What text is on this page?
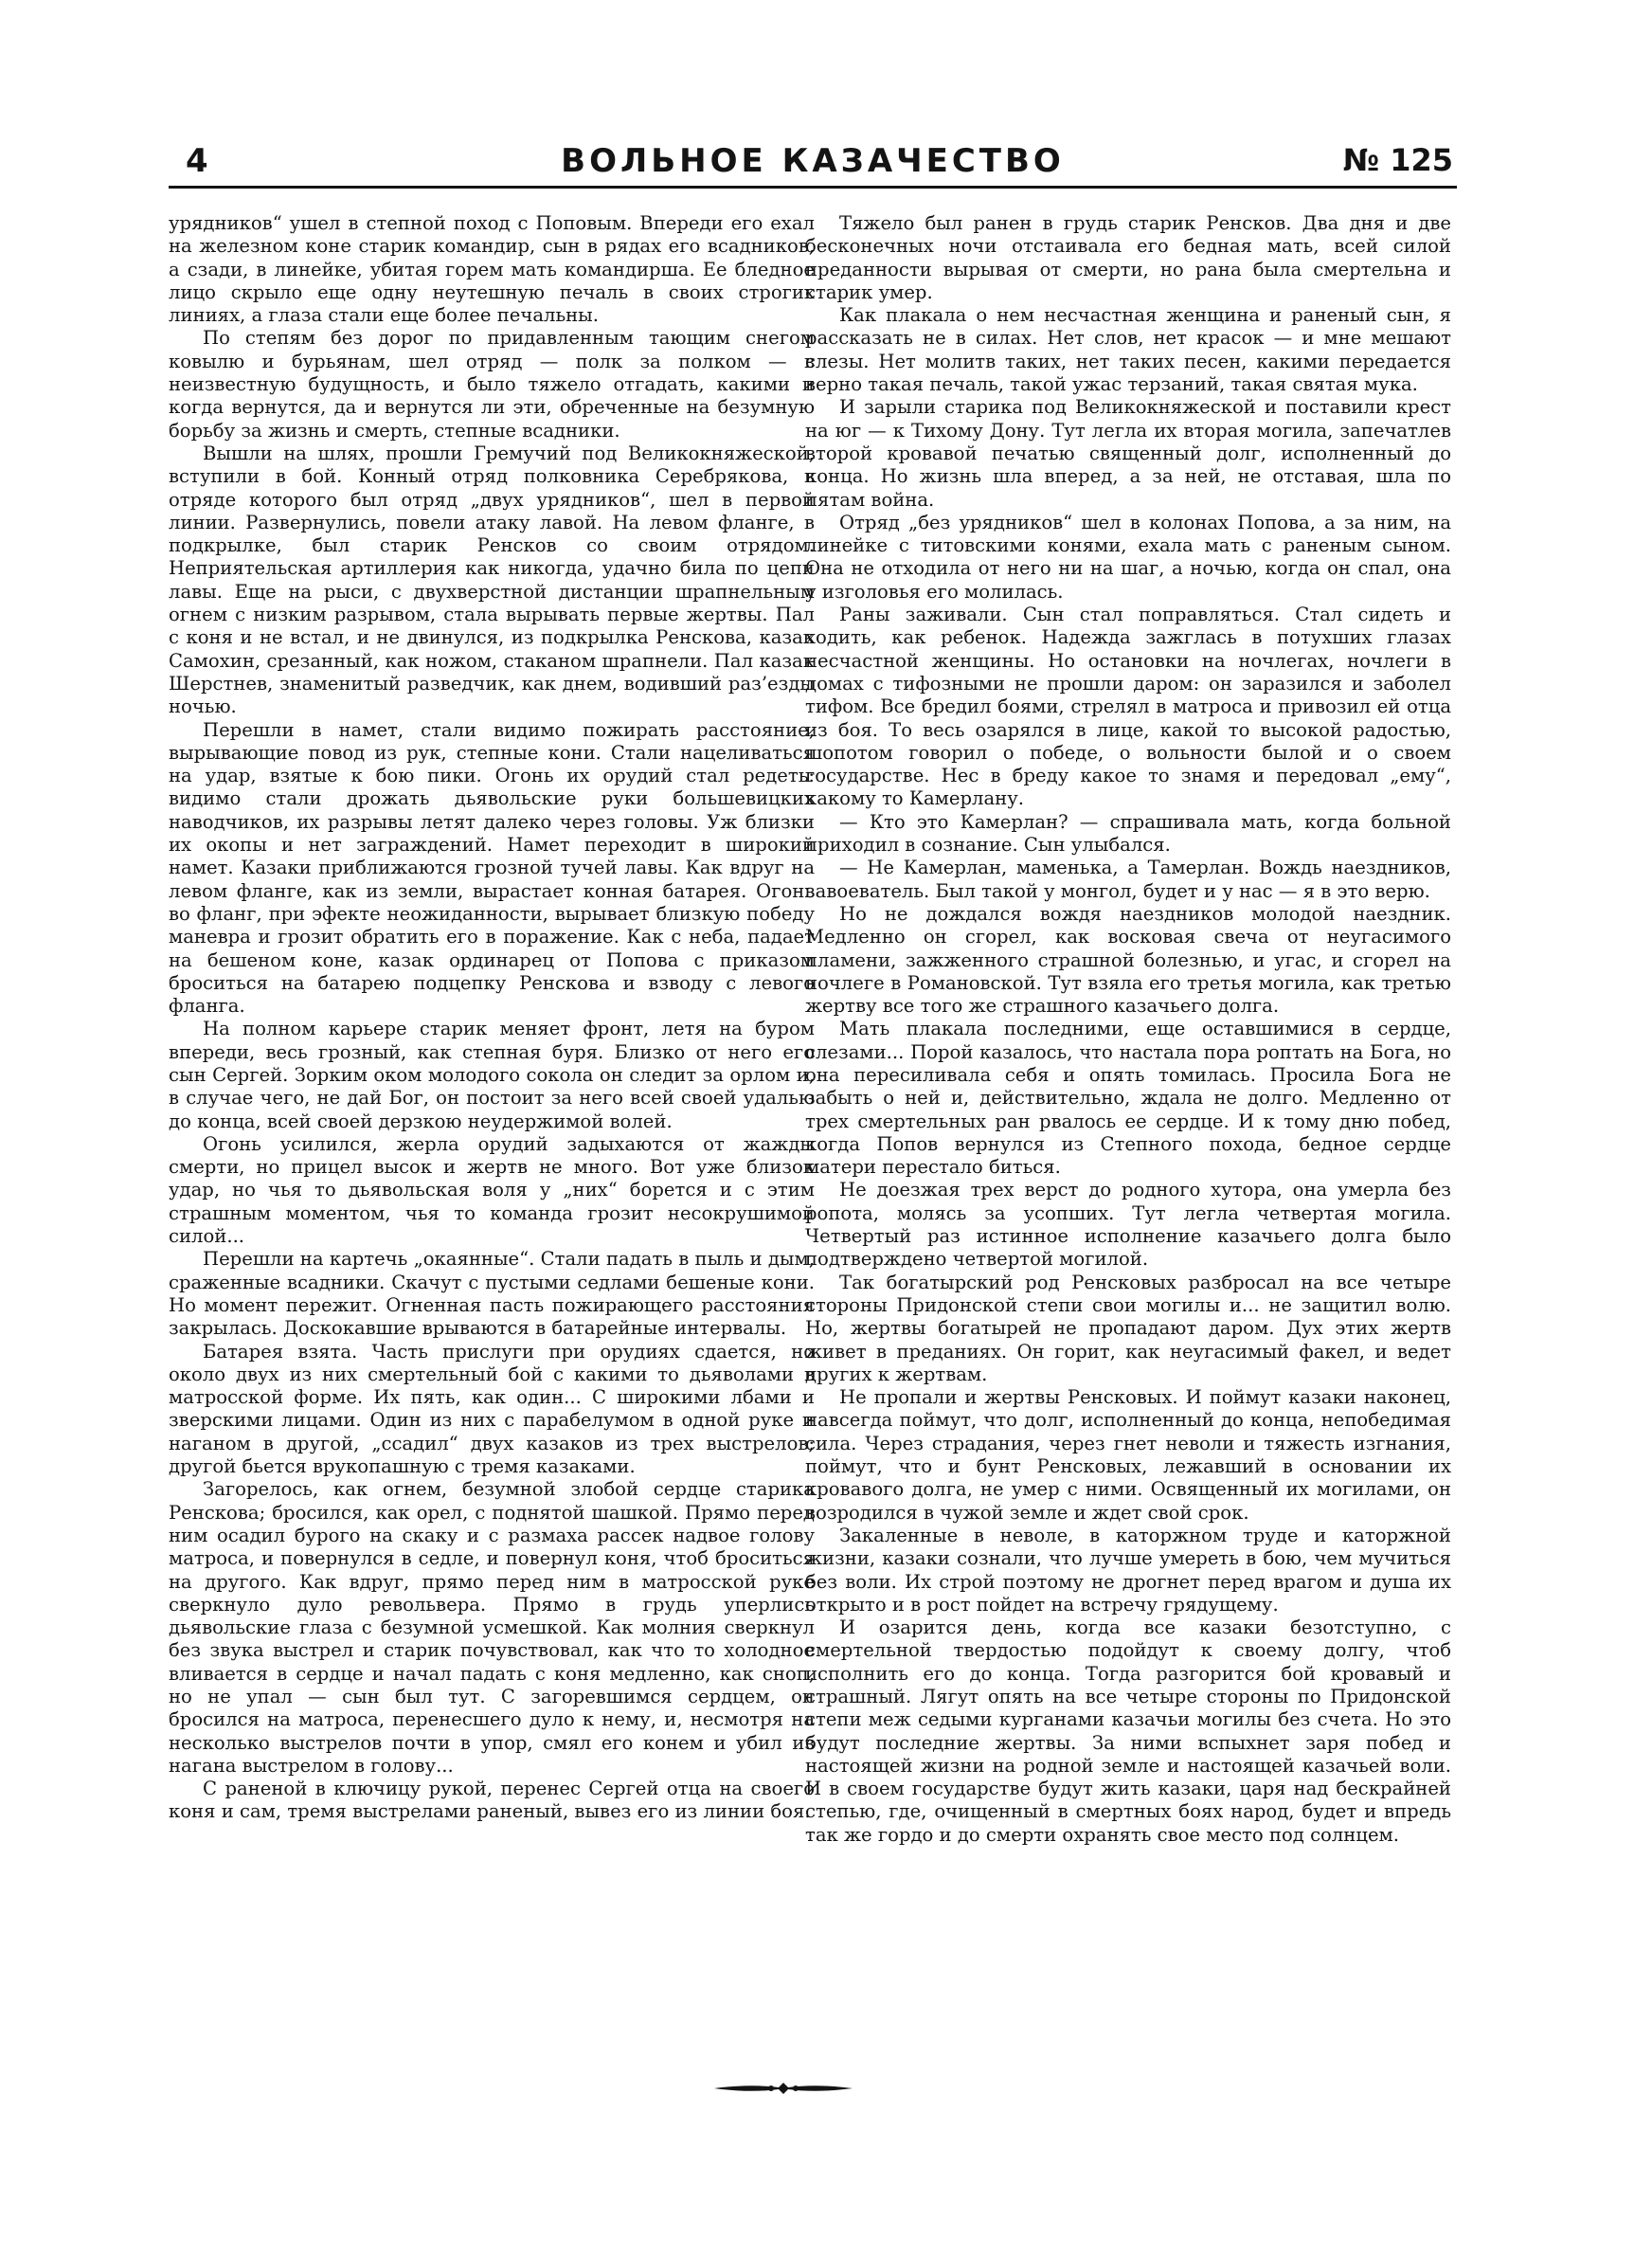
4	ВОЛЬНОЕ КАЗАЧЕСТВО	№ 125

урядников“ ушел в степной поход с Поповым. Впереди его ехал на железном коне старик командир, сын в рядах его всадников, а сзади, в линейке, убитая горем мать командирша. Ее бледное лицо скрыло еще одну неутешную печаль в своих строгих линиях, а глаза стали еще более печальны.

По степям без дорог по придавленным тающим снегом ковылю и бурьянам, шел отряд — полк за полком — в неизвестную будущность, и было тяжело отгадать, какими и когда вернутся, да и вернутся ли эти, обреченные на безумную борьбу за жизнь и смерть, степные всадники.

Вышли на шлях, прошли Гремучий под Великокняжеской, вступили в бой. Конный отряд полковника Серебрякова, в отряде которого был отряд „двух урядников“, шел в первой линии. Развернулись, повели атаку лавой. На левом фланге, в подкрылке, был старик Ренсков со своим отрядом. Неприятельская артиллерия как никогда, удачно била по цепи лавы. Еще на рыси, с двухверстной дистанции шрапнельным огнем с низким разрывом, стала вырывать первые жертвы. Пал с коня и не встал, и не двинулся, из подкрылка Ренскова, казак Самохин, срезанный, как ножом, стаканом шрапнели. Пал казак Шерстнев, знаменитый разведчик, как днем, водивший раз’езды ночью.

Перешли в намет, стали видимо пожирать расстояние, вырывающие повод из рук, степные кони. Стали нацеливаться на удар, взятые к бою пики. Огонь их орудий стал редеть: видимо стали дрожать дьявольские руки большевицких наводчиков, их разрывы летят далеко через головы. Уж близки их окопы и нет заграждений. Намет переходит в широкий намет. Казаки приближаются грозной тучей лавы. Как вдруг на левом фланге, как из земли, вырастает конная батарея. Огонь во фланг, при эфекте неожиданности, вырывает близкую победу маневра и грозит обратить его в поражение. Как с неба, падает на бешеном коне, казак ординарец от Попова с приказом броситься на батарею подцепку Ренскова и взводу с левого фланга.

На полном карьере старик меняет фронт, летя на буром впереди, весь грозный, как степная буря. Близко от него его сын Сергей. Зорким оком молодого сокола он следит за орлом и, в случае чего, не дай Бог, он постоит за него всей своей удалью до конца, всей своей дерзкою неудержимой волей.

Огонь усилился, жерла орудий задыхаются от жажды смерти, но прицел высок и жертв не много. Вот уже близок удар, но чья то дьявольская воля у „них“ борется и с этим страшным моментом, чья то команда грозит несокрушимой силой...

Перешли на картечь „окаянные“. Стали падать в пыль и дым, сраженные всадники. Скачут с пустыми седлами бешеные кони. Но момент пережит. Огненная пасть пожирающего расстояния закрылась. Доскокавшие врываются в батарейные интервалы.

Батарея взята. Часть прислуги при орудиях сдается, но около двух из них смертельный бой с какими то дьяволами в матросской форме. Их пять, как один... С широкими лбами и зверскими лицами. Один из них с парабелумом в одной руке и наганом в другой, „ссадил“ двух казаков из трех выстрелов; другой бьется врукопашную с тремя казаками.

Загорелось, как огнем, безумной злобой сердце старика Ренскова; бросился, как орел, с поднятой шашкой. Прямо перед ним осадил бурого на скаку и с размаха рассек надвое голову матроса, и повернулся в седле, и повернул коня, чтоб броситься на другого. Как вдруг, прямо перед ним в матросской руке сверкнуло дуло револьвера. Прямо в грудь уперлись дьявольские глаза с безумной усмешкой. Как молния сверкнул без звука выстрел и старик почувствовал, как что то холодное вливается в сердце и начал падать с коня медленно, как сноп, но не упал — сын был тут. С загоревшимся сердцем, он бросился на матроса, перенесшего дуло к нему, и, несмотря на несколько выстрелов почти в упор, смял его конем и убил из нагана выстрелом в голову...

С раненой в ключицу рукой, перенес Сергей отца на своего коня и сам, тремя выстрелами раненый, вывез его из линии боя.

Тяжело был ранен в грудь старик Ренсков. Два дня и две бесконечных ночи отстаивала его бедная мать, всей силой преданности вырывая от смерти, но рана была смертельна и старик умер.

Как плакала о нем несчастная женщина и раненый сын, я рассказать не в силах. Нет слов, нет красок — и мне мешают слезы. Нет молитв таких, нет таких песен, какими передается верно такая печаль, такой ужас терзаний, такая святая мука.

И зарыли старика под Великокняжеской и поставили крест на юг — к Тихому Дону. Тут легла их вторая могила, запечатлев второй кровавой печатью священный долг, исполненный до конца. Но жизнь шла вперед, а за ней, не отставая, шла по пятам война.

Отряд „без урядников“ шел в колонах Попова, а за ним, на линейке с титовскими конями, ехала мать с раненым сыном. Она не отходила от него ни на шаг, а ночью, когда он спал, она у изголовья его молилась.

Раны заживали. Сын стал поправляться. Стал сидеть и ходить, как ребенок. Надежда зажглась в потухших глазах несчастной женщины. Но остановки на ночлегах, ночлеги в домах с тифозными не прошли даром: он заразился и заболел тифом. Все бредил боями, стрелял в матроса и привозил ей отца из боя. То весь озарялся в лице, какой то высокой радостью, шопотом говорил о победе, о вольности былой и о своем государстве. Нес в бреду какое то знамя и передовал „ему“, какому то Камерлану.

— Кто это Камерлан? — спрашивала мать, когда больной приходил в сознание. Сын улыбался.

— Не Камерлан, маменька, а Тамерлан. Вождь наездников, завоеватель. Был такой у монгол, будет и у нас — я в это верю.

Но не дождался вождя наездников молодой наездник. Медленно он сгорел, как восковая свеча от неугасимого пламени, зажженного страшной болезнью, и угас, и сгорел на ночлеге в Романовской. Тут взяла его третья могила, как третью жертву все того же страшного казачьего долга.

Мать плакала последними, еще оставшимися в сердце, слезами... Порой казалось, что настала пора роптать на Бога, но она пересиливала себя и опять томилась. Просила Бога не забыть о ней и, действительно, ждала не долго. Медленно от трех смертельных ран рвалось ее сердце. И к тому дню побед, когда Попов вернулся из Степного похода, бедное сердце матери перестало биться.

Не доезжая трех верст до родного хутора, она умерла без ропота, молясь за усопших. Тут легла четвертая могила. Четвертый раз истинное исполнение казачьего долга было подтверждено четвертой могилой.

Так богатырский род Ренсковых разбросал на все четыре стороны Придонской степи свои могилы и... не защитил волю. Но, жертвы богатырей не пропадают даром. Дух этих жертв живет в преданиях. Он горит, как неугасимый факел, и ведет других к жертвам.

Не пропали и жертвы Ренсковых. И поймут казаки наконец, навсегда поймут, что долг, исполненный до конца, непобедимая сила. Через страдания, через гнет неволи и тяжесть изгнания, поймут, что и бунт Ренсковых, лежавший в основании их кровавого долга, не умер с ними. Освященный их могилами, он возродился в чужой земле и ждет свой срок.

Закаленные в неволе, в каторжном труде и каторжной жизни, казаки сознали, что лучше умереть в бою, чем мучиться без воли. Их строй поэтому не дрогнет перед врагом и душа их открыто и в рост пойдет на встречу грядущему.

И озарится день, когда все казаки безотступно, с смертельной твердостью подойдут к своему долгу, чтоб исполнить его до конца. Тогда разгорится бой кровавый и страшный. Лягут опять на все четыре стороны по Придонской степи меж седыми курганами казачьи могилы без счета. Но это будут последние жертвы. За ними вспыхнет заря побед и настоящей жизни на родной земле и настоящей казачьей воли. И в своем государстве будут жить казаки, царя над бескрайней степью, где, очищенный в смертных боях народ, будет и впредь так же гордо и до смерти охранять свое место под солнцем.
